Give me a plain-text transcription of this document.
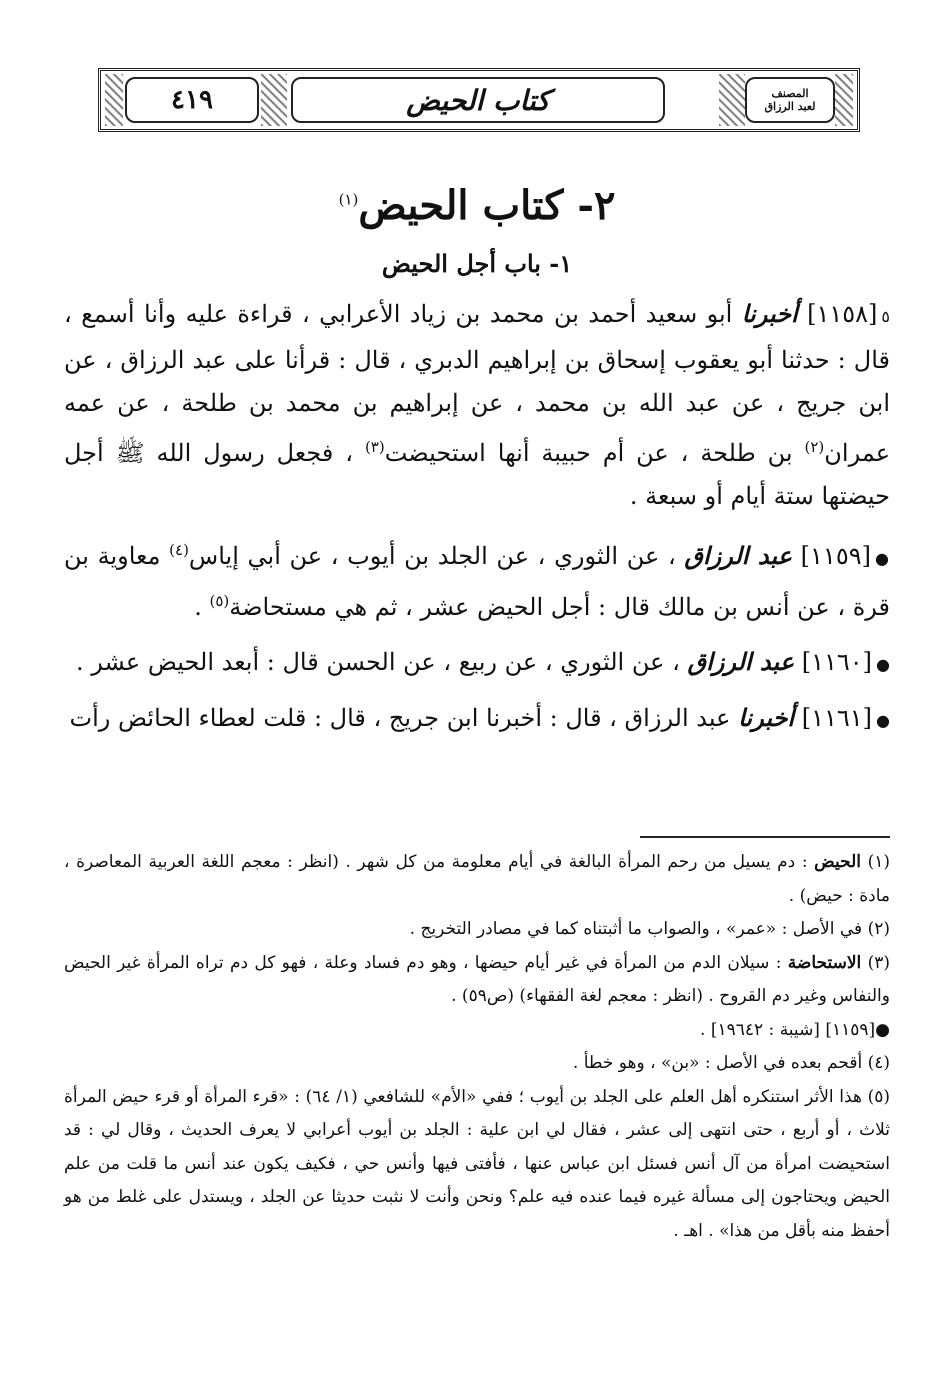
٤١٩	كتاب الحيض	المصنف
لعبد الرزاق
٢- كتاب الحيض$^{(١)}$
١- باب أجل الحيض

٥[١١٥٨] أخبرنا أبو سعيد أحمد بن محمد بن زياد الأعرابي ، قراءة عليه وأنا أسمع ، قال : حدثنا أبو يعقوب إسحاق بن إبراهيم الدبري ، قال : قرأنا على عبد الرزاق ، عن ابن جريج ، عن عبد الله بن محمد ، عن إبراهيم بن محمد بن طلحة ، عن عمه عمران$^{(٢)}$ بن طلحة ، عن أم حبيبة أنها استحيضت$^{(٣)}$ ، فجعل رسول الله ﷺ أجل حيضتها ستة أيام أو سبعة .

●[١١٥٩] عبد الرزاق ، عن الثوري ، عن الجلد بن أيوب ، عن أبي إياس$^{(٤)}$ معاوية بن قرة ، عن أنس بن مالك قال : أجل الحيض عشر ، ثم هي مستحاضة$^{(٥)}$ .

●[١١٦٠] عبد الرزاق ، عن الثوري ، عن ربيع ، عن الحسن قال : أبعد الحيض عشر .

●[١١٦١] أخبرنا عبد الرزاق ، قال : أخبرنا ابن جريج ، قال : قلت لعطاء الحائض رأت

(١) الحيض : دم يسيل من رحم المرأة البالغة في أيام معلومة من كل شهر . (انظر : معجم اللغة العربية المعاصرة ، مادة : حيض) .

(٢) في الأصل : «عمر» ، والصواب ما أثبتناه كما في مصادر التخريج .

(٣) الاستحاضة : سيلان الدم من المرأة في غير أيام حيضها ، وهو دم فساد وعلة ، فهو كل دم تراه المرأة غير الحيض والنفاس وغير دم القروح . (انظر : معجم لغة الفقهاء) (ص٥٩) .

●[١١٥٩] [شيبة : ١٩٦٤٢] .

(٤) أقحم بعده في الأصل : «بن» ، وهو خطأ .

(٥) هذا الأثر استنكره أهل العلم على الجلد بن أيوب ؛ ففي «الأم» للشافعي (١/ ٦٤) : «قرء المرأة أو قرء حيض المرأة ثلاث ، أو أربع ، حتى انتهى إلى عشر ، فقال لي ابن علية : الجلد بن أيوب أعرابي لا يعرف الحديث ، وقال لي : قد استحيضت امرأة من آل أنس فسئل ابن عباس عنها ، فأفتى فيها وأنس حي ، فكيف يكون عند أنس ما قلت من علم الحيض ويحتاجون إلى مسألة غيره فيما عنده فيه علم؟ ونحن وأنت لا نثبت حديثا عن الجلد ، ويستدل على غلط من هو أحفظ منه بأقل من هذا» . اهـ .
